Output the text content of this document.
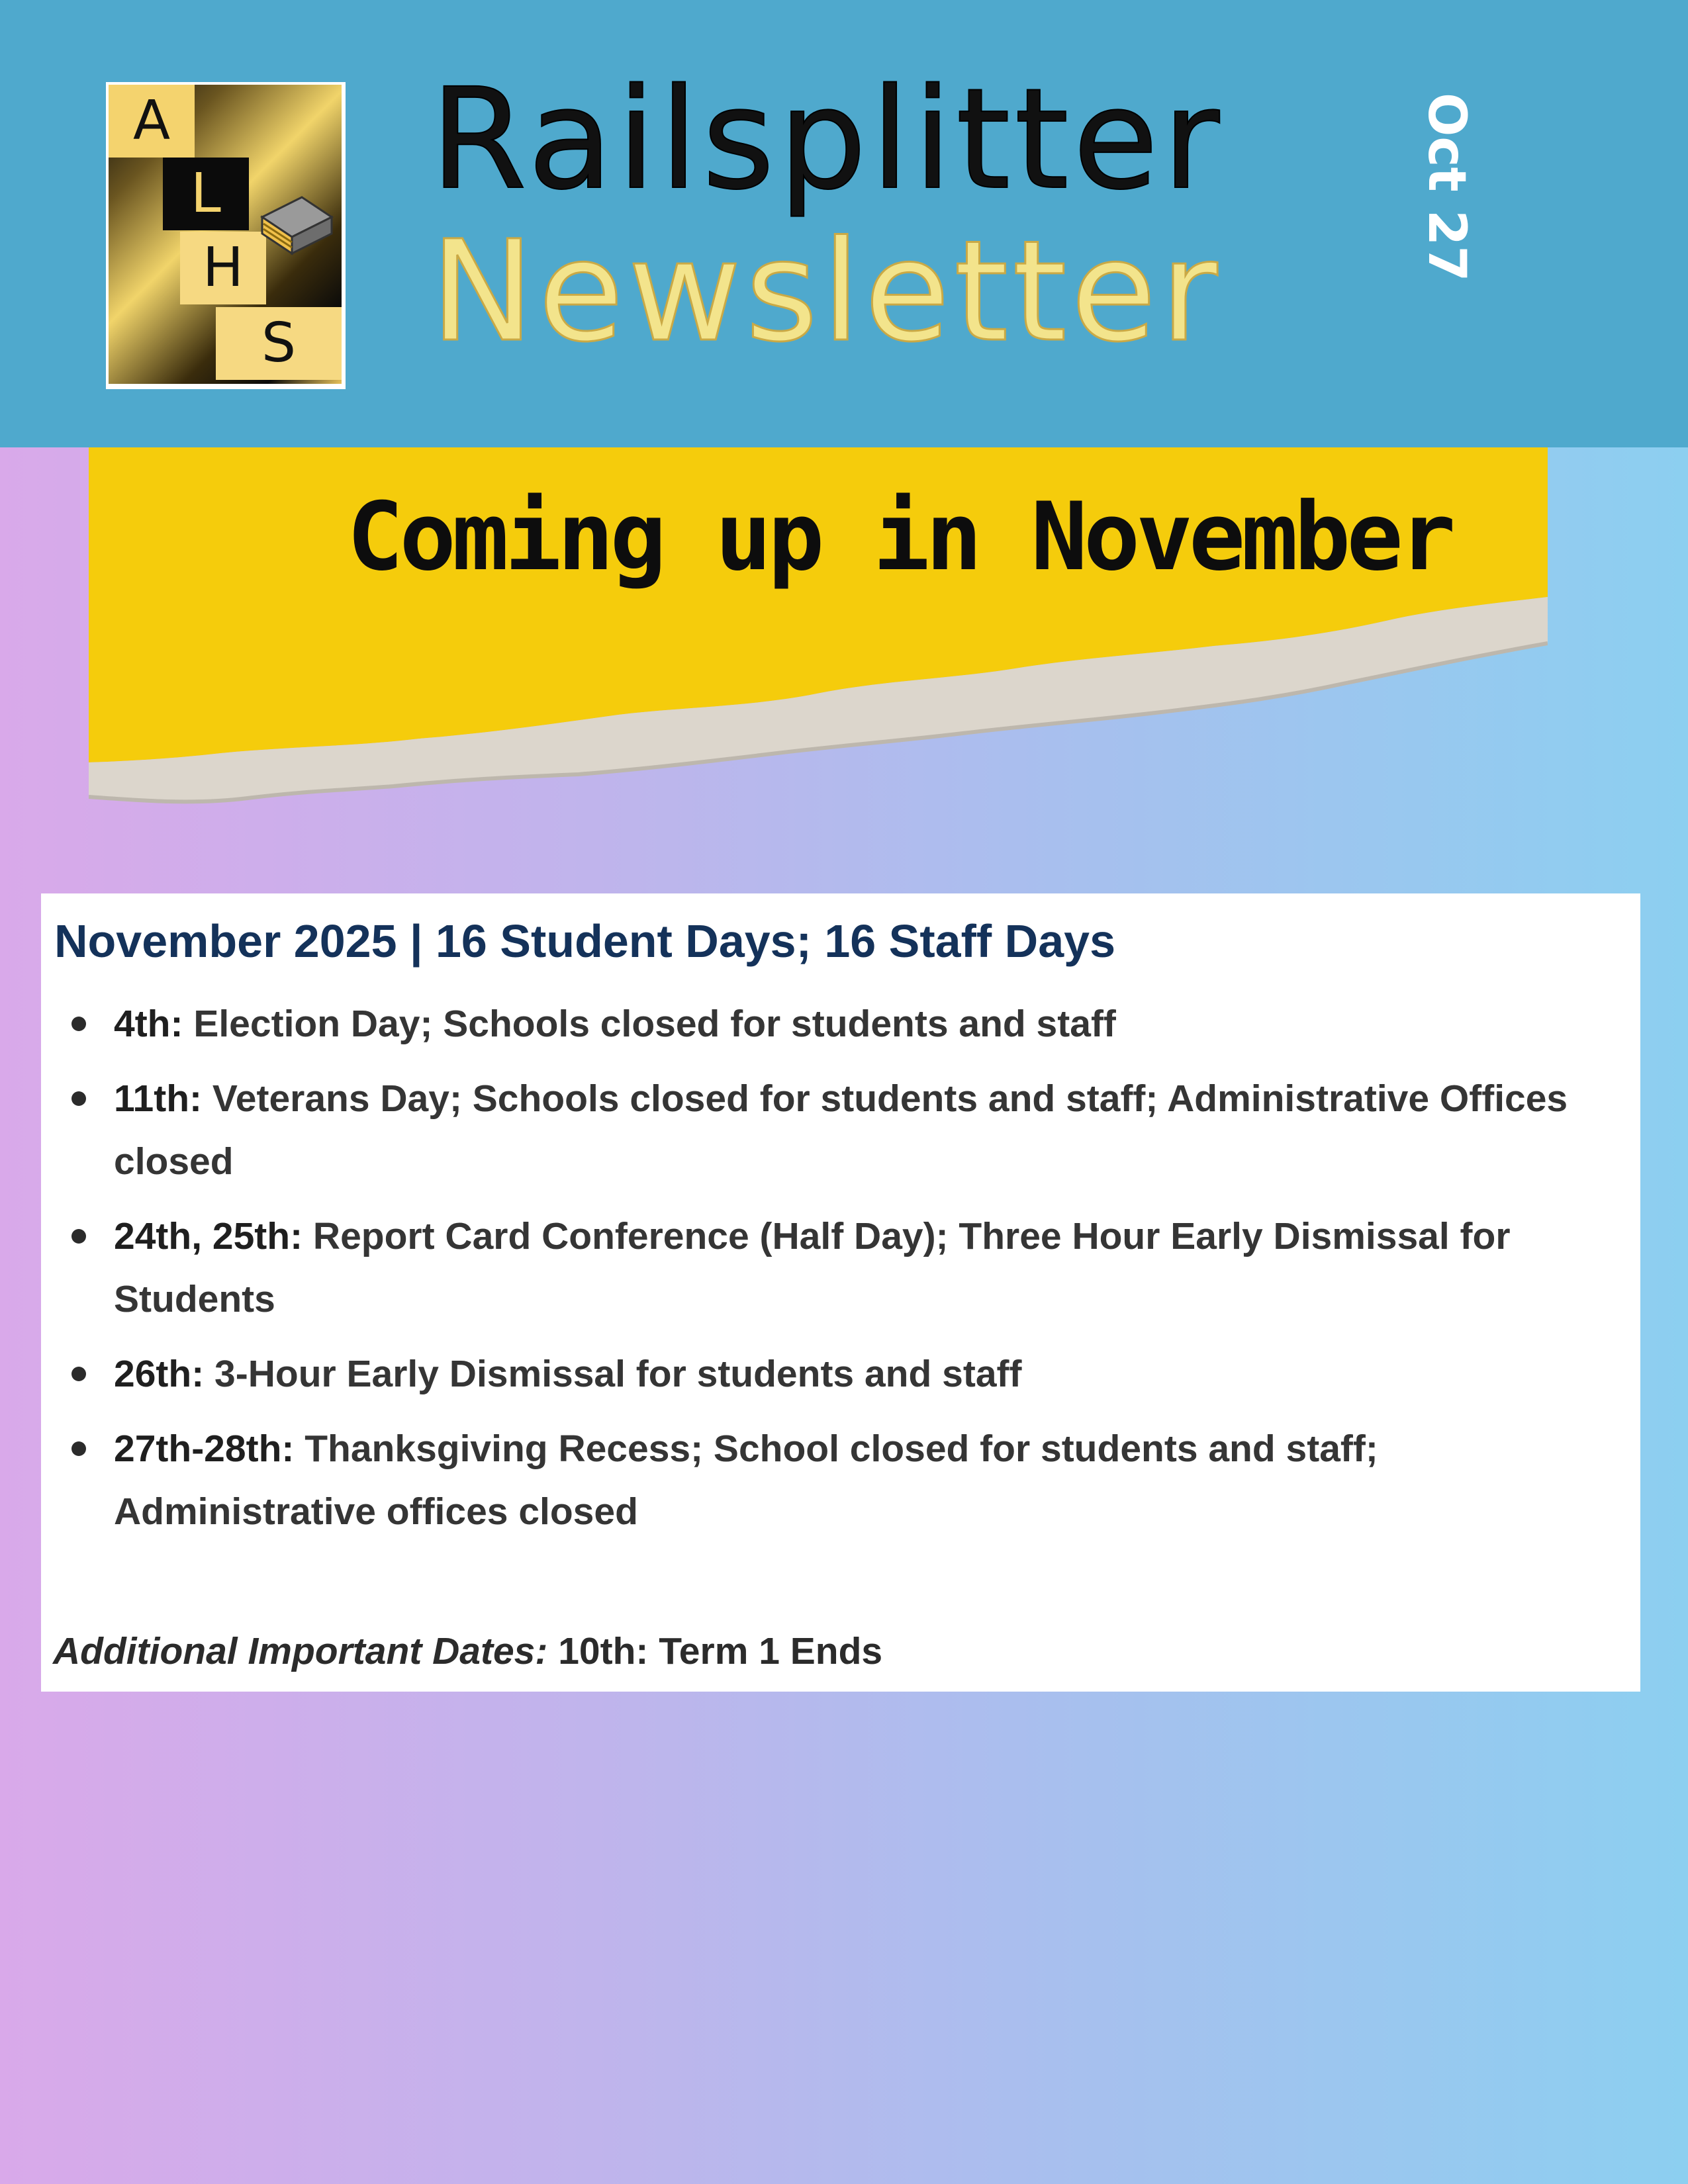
A
L
H
S
Railsplitter
Newsletter
Oct 27
Coming up in November
November 2025 | 16 Student Days; 16 Staff Days
4th: Election Day; Schools closed for students and staff
11th: Veterans Day; Schools closed for students and staff; Administrative Offices closed
24th, 25th: Report Card Conference (Half Day); Three Hour Early Dismissal for Students
26th: 3-Hour Early Dismissal for students and staff
27th-28th: Thanksgiving Recess; School closed for students and staff; Administrative offices closed
Additional Important Dates: 10th: Term 1 Ends
